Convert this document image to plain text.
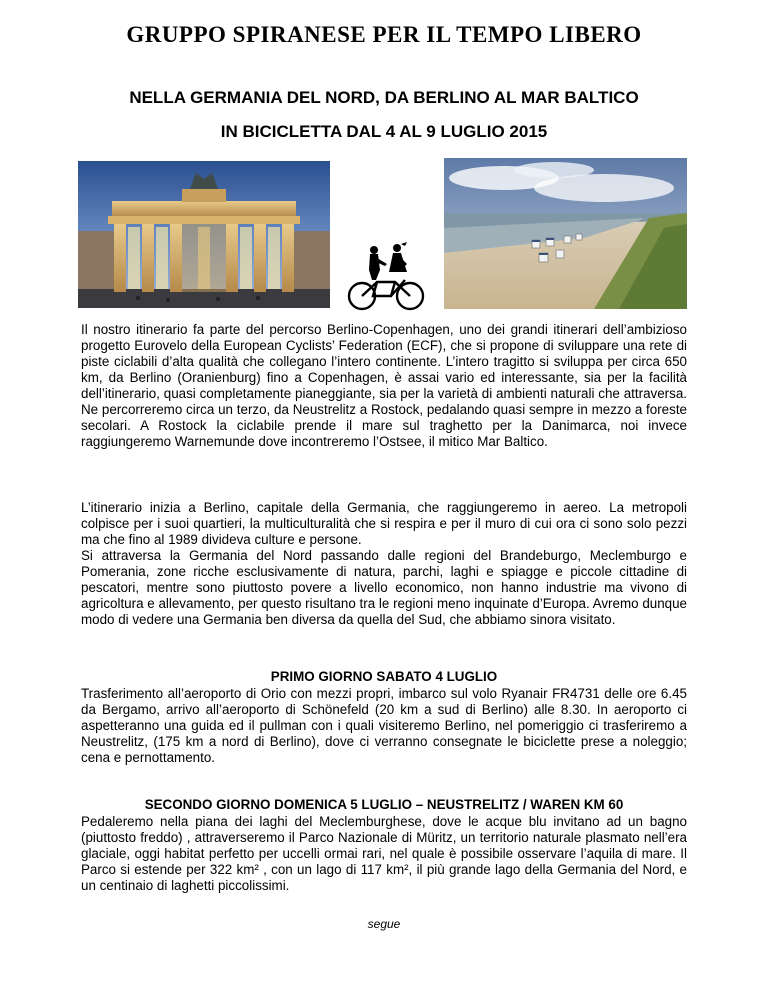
GRUPPO SPIRANESE PER IL TEMPO LIBERO
NELLA GERMANIA DEL NORD, DA BERLINO AL MAR BALTICO
IN BICICLETTA DAL 4 AL 9 LUGLIO 2015

Il nostro itinerario fa parte del percorso Berlino-Copenhagen, uno dei grandi itinerari dell’ambizioso progetto Eurovelo della European Cyclists’ Federation (ECF), che si propone di sviluppare una rete di piste ciclabili d’alta qualità che collegano l’intero continente. L’intero tragitto si sviluppa per circa 650 km, da Berlino (Oranienburg) fino a Copenhagen, è assai vario ed interessante, sia per la facilità dell’itinerario, quasi completamente pianeggiante, sia per la varietà di ambienti naturali che attraversa. Ne percorreremo circa un terzo, da Neustrelitz a Rostock, pedalando quasi sempre in mezzo a foreste secolari. A Rostock la ciclabile prende il mare sul traghetto per la Danimarca, noi invece raggiungeremo Warnemunde dove incontreremo l’Ostsee, il mitico Mar Baltico.

L’itinerario inizia a Berlino, capitale della Germania, che raggiungeremo in aereo. La metropoli colpisce per i suoi quartieri, la multiculturalità che si respira e per il muro di cui ora ci sono solo pezzi ma che fino al 1989 divideva culture e persone.

Si attraversa la Germania del Nord passando dalle regioni del Brandeburgo, Meclemburgo e Pomerania, zone ricche esclusivamente di natura, parchi, laghi e spiagge e piccole cittadine di pescatori, mentre sono piuttosto povere a livello economico, non hanno industrie ma vivono di agricoltura e allevamento, per questo risultano tra le regioni meno inquinate d’Europa. Avremo dunque modo di vedere una Germania ben diversa da quella del Sud, che abbiamo sinora visitato.

PRIMO GIORNO SABATO 4 LUGLIO

Trasferimento all’aeroporto di Orio con mezzi propri, imbarco sul volo Ryanair FR4731 delle ore 6.45 da Bergamo, arrivo all’aeroporto di Schönefeld (20 km a sud di Berlino) alle 8.30. In aeroporto ci aspetteranno una guida ed il pullman con i quali visiteremo Berlino, nel pomeriggio ci trasferiremo a Neustrelitz, (175 km a nord di Berlino), dove ci verranno consegnate le biciclette prese a noleggio; cena e pernottamento.

SECONDO GIORNO DOMENICA 5 LUGLIO – NEUSTRELITZ / WAREN KM 60

Pedaleremo nella piana dei laghi del Meclemburghese, dove le acque blu invitano ad un bagno (piuttosto freddo) , attraverseremo il Parco Nazionale di Müritz, un territorio naturale plasmato nell’era glaciale, oggi habitat perfetto per uccelli ormai rari, nel quale è possibile osservare l’aquila di mare. Il Parco si estende per 322 km² , con un lago di 117 km², il più grande lago della Germania del Nord, e un centinaio di laghetti piccolissimi.

segue
